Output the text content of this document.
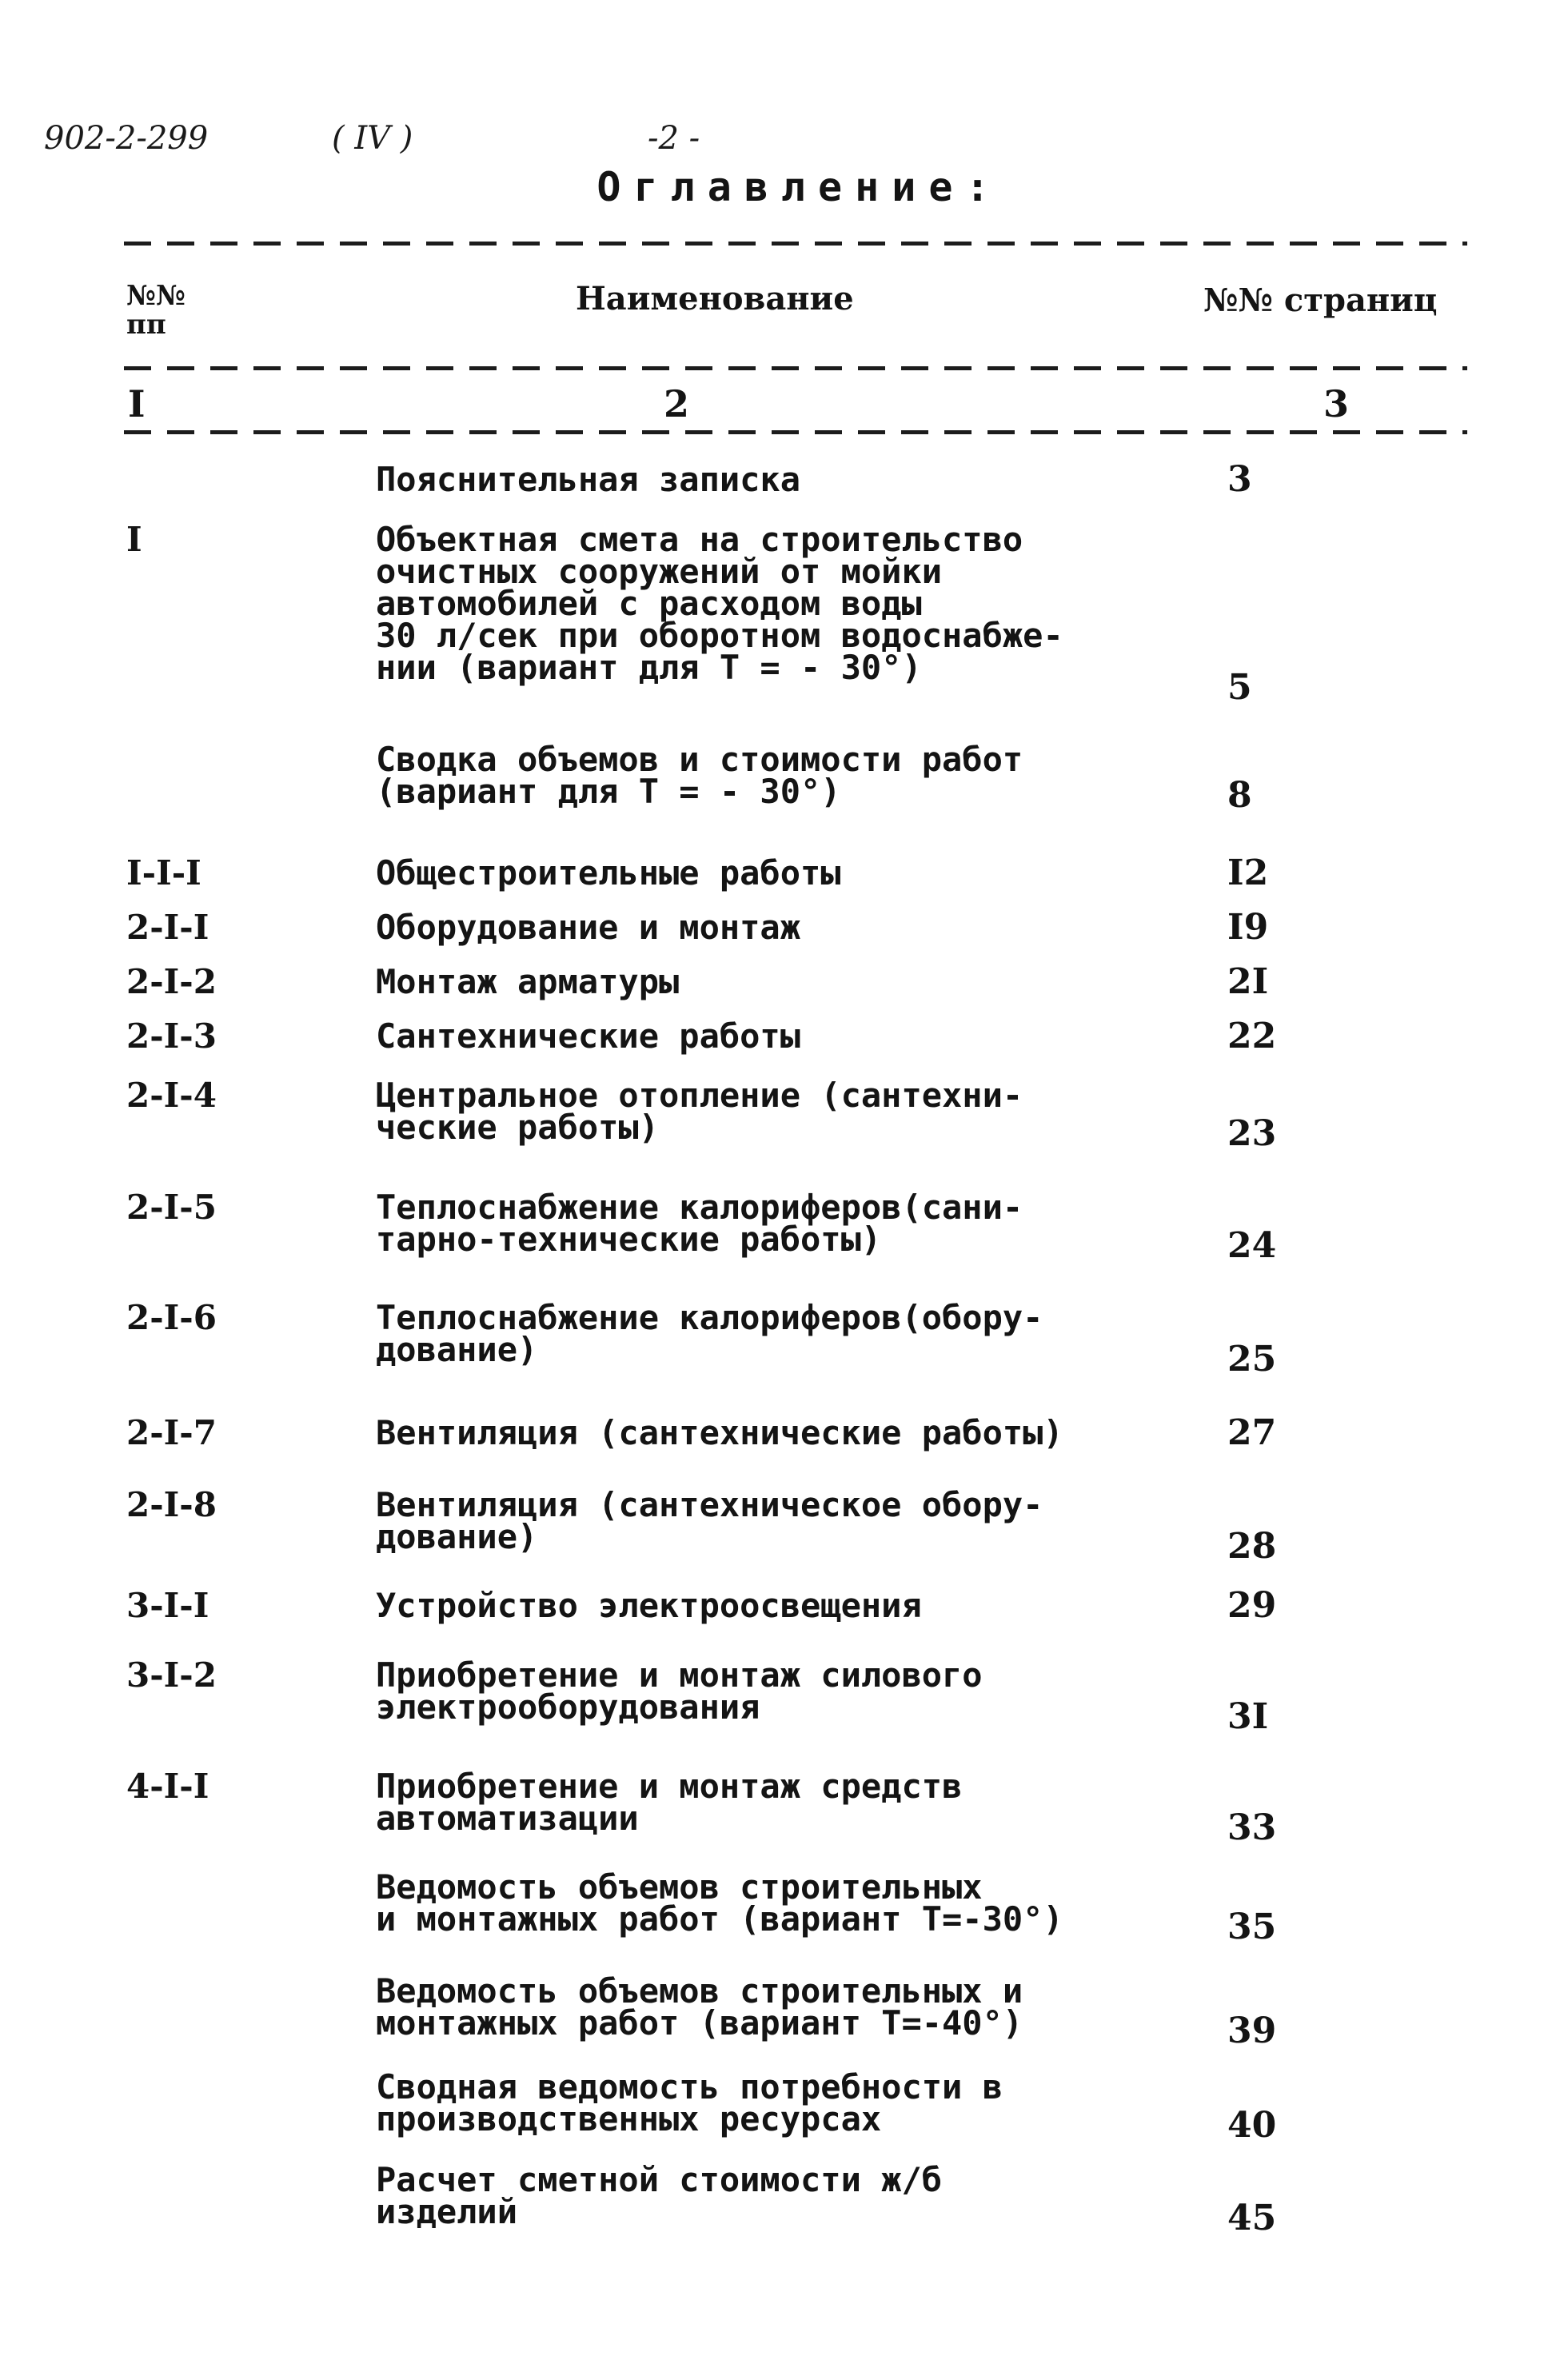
902-2-299	( IV )	-2 -
Оглавление:
№№
пп
Наименование	№№ страниц
I	2	3
Пояснительная записка	3
I	Объектная смета на строительство
очистных сооружений от мойки
автомобилей с расходом воды
30 л/сек при оборотном водоснабже-
нии (вариант для T = - 30°)	5
Сводка объемов и стоимости работ
(вариант для T = - 30°)	8
I-I-I	Общестроительные работы	I2
2-I-I	Оборудование и монтаж	I9
2-I-2	Монтаж арматуры	2I
2-I-3	Сантехнические работы	22
2-I-4	Центральное отопление (сантехни-
ческие работы)	23
2-I-5	Теплоснабжение калориферов(сани-
тарно-технические работы)	24
2-I-6	Теплоснабжение калориферов(обору-
дование)	25
2-I-7	Вентиляция (сантехнические работы)	27
2-I-8	Вентиляция (сантехническое обору-
дование)	28
3-I-I	Устройство электроосвещения	29
3-I-2	Приобретение и монтаж силового
электрооборудования	3I
4-I-I	Приобретение и монтаж средств
автоматизации	33
Ведомость объемов строительных
и монтажных работ (вариант T=-30°)	35
Ведомость объемов строительных и
монтажных работ (вариант T=-40°)	39
Сводная ведомость потребности в
производственных ресурсах	40
Расчет сметной стоимости ж/б
изделий	45
